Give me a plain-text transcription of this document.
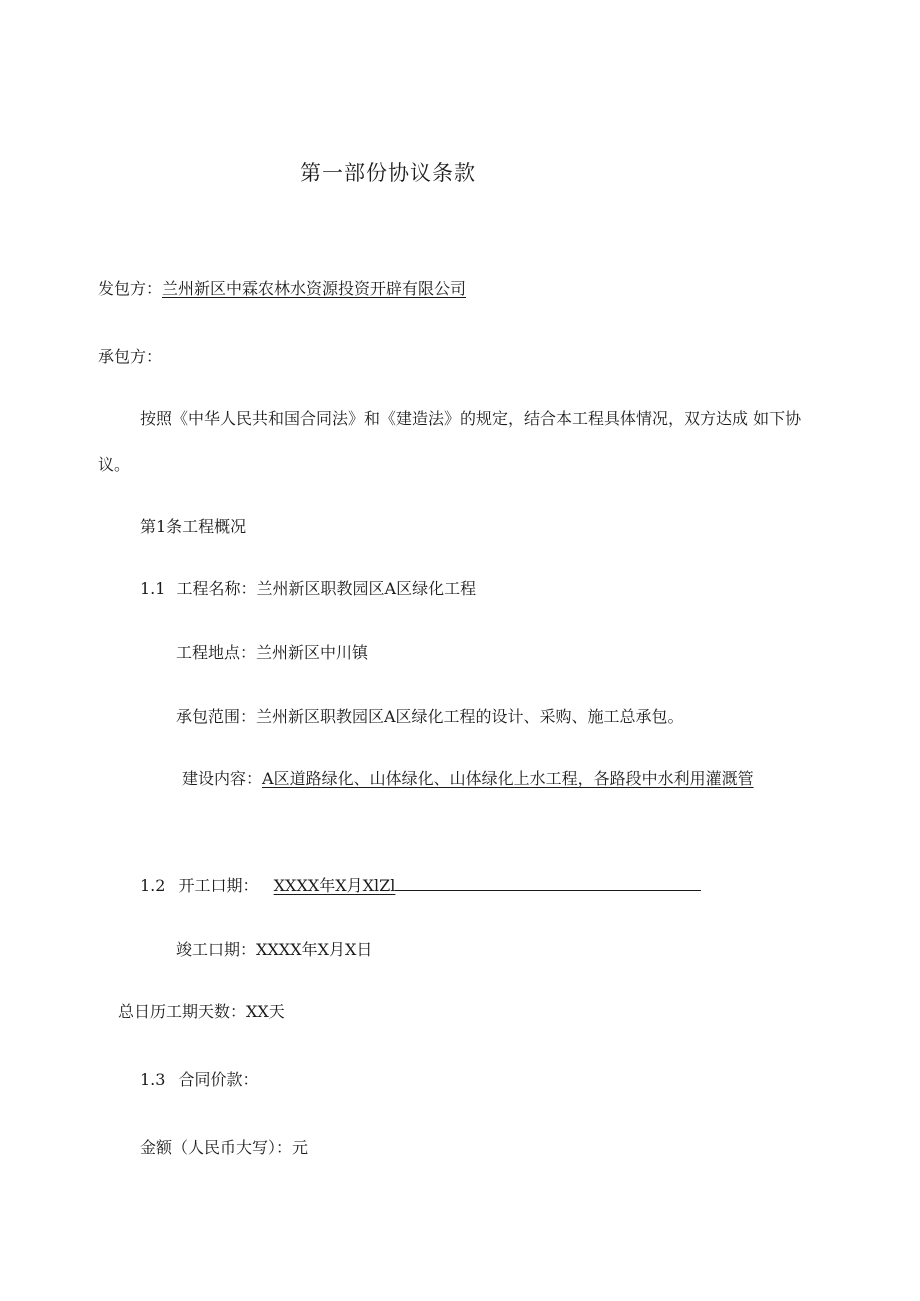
第一部份协议条款
发包方：兰州新区中霖农林水资源投资开辟有限公司
承包方：
按照《中华人民共和国合同法》和《建造法》的规定，结合本工程具体情况，双方达成 如下协
议。
第1条工程概况
1.1 工程名称：兰州新区职教园区A区绿化工程
工程地点：兰州新区中川镇
承包范围：兰州新区职教园区A区绿化工程的设计、采购、施工总承包。
建设内容：A区道路绿化、山体绿化、山体绿化上水工程，各路段中水利用灌溉管
1.2 开工口期： XXXX年X月XlZl
竣工口期：XXXX年X月X日
总日历工期天数：XX天
1.3 合同价款：
金额（人民币大写）：元
